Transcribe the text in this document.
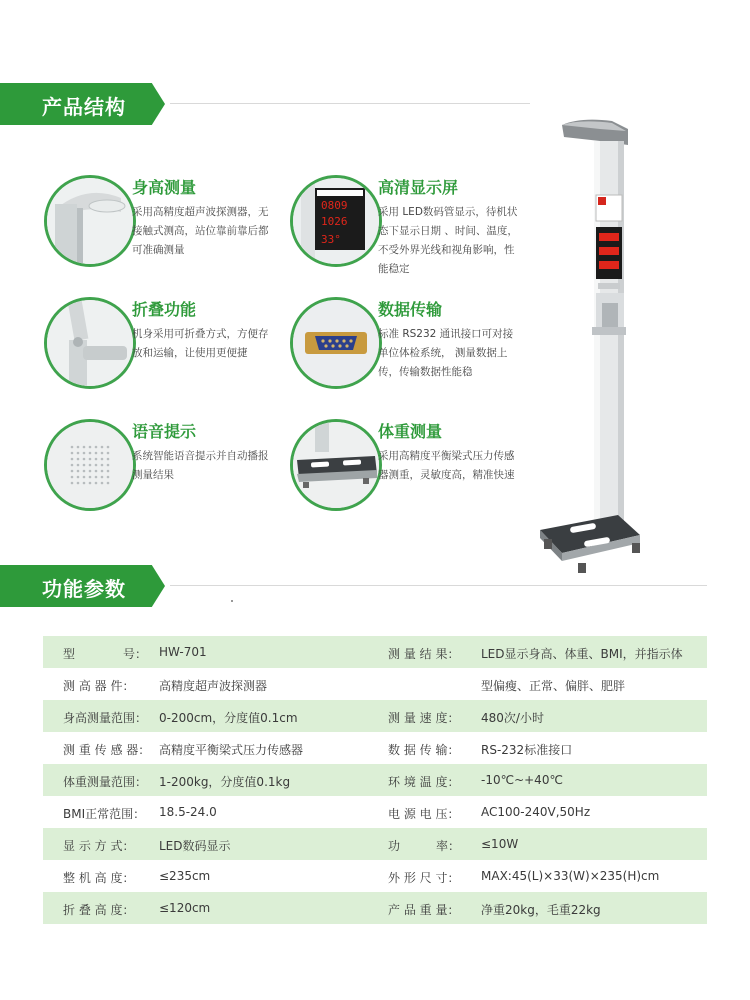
产品结构
身高测量
采用高精度超声波探测器，无接触式测高，站位靠前靠后都可准确测量
0809
1026
33°
高清显示屏
采用 LED数码管显示，待机状态下显示日期 、时间、温度，不受外界光线和视角影响，性能稳定
折叠功能
机身采用可折叠方式，方便存放和运输，让使用更便捷
数据传输
标准 RS232 通讯接口可对接单位体检系统， 测量数据上传，传输数据性能稳
语音提示
系统智能语音提示并自动播报测量结果
体重测量
采用高精度平衡梁式压力传感器测重，灵敏度高，精准快速
功能参数
型　　　　号： HW-701	测 量 结 果： LED显示身高、体重、BMI，并指示体
测 高 器 件：	高精度超声波探测器	型偏瘦、正常、偏胖、肥胖
身高测量范围： 0-200cm，分度值0.1cm	测 量 速 度： 480次/小时
测 重 传 感 器： 高精度平衡梁式压力传感器	数 据 传 输： RS-232标准接口
体重测量范围： 1-200kg，分度值0.1kg	环 境 温 度： -10℃~+40℃
BMI正常范围：	18.5-24.0	电 源 电 压： AC100-240V,50Hz
显 示 方 式：	LED数码显示	功　　　率： ≤10W
整 机 高 度：	≤235cm	外 形 尺 寸： MAX:45(L)×33(W)×235(H)cm
折 叠 高 度：	≤120cm	产 品 重 量： 净重20kg，毛重22kg
